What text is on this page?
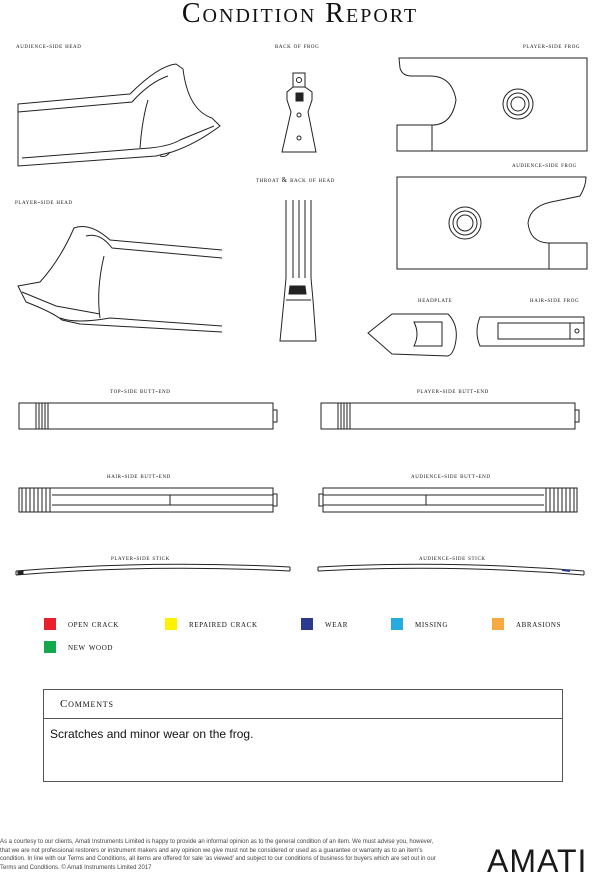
Condition Report
audience-side head	back of frog	player-side frog
audience-side frog
throat & back of head
player-side head
headplate	hair-side frog
top-side butt-end	player-side butt-end
hair-side butt-end	audience-side butt-end
player-side stick	audience-side stick
open crack	repaired crack	wear	missing	abrasions
new wood
Comments
Scratches and minor wear on the frog.
As a courtesy to our clients, Amati Instruments Limited is happy to provide an informal opinion as to the general condition of an item. We must advise you, however, that we are not professional restorers or instrument makers and any opinion we give must not be considered or used as a guarantee or warranty as to an item’s condition. In line with our Terms and Conditions, all items are offered for sale ‘as viewed’ and subject to our conditions of business for buyers which are set out in our Terms and Conditions. © Amati Instruments Limited 2017	AMATI
